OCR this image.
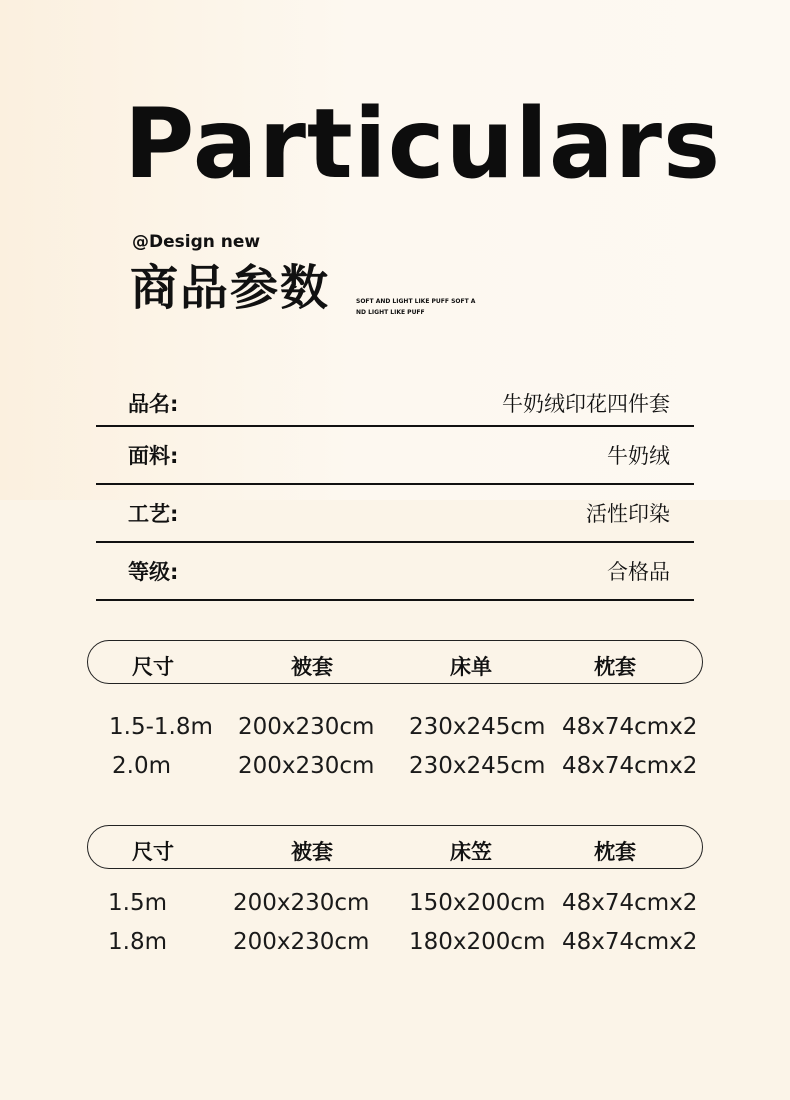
Particulars
@Design new
商品参数	SOFT AND LIGHT LIKE PUFF SOFT AND LIGHT LIKE PUFF
品名:	牛奶绒印花四件套
面料:	牛奶绒
工艺:	活性印染
等级:	合格品
尺寸	被套	床单	枕套
1.5-1.8m 200x230cm 230x245cm 48x74cmx2
2.0m	200x230cm 230x245cm 48x74cmx2
尺寸	被套	床笠	枕套
1.5m	200x230cm 150x200cm 48x74cmx2
1.8m	200x230cm 180x200cm 48x74cmx2
